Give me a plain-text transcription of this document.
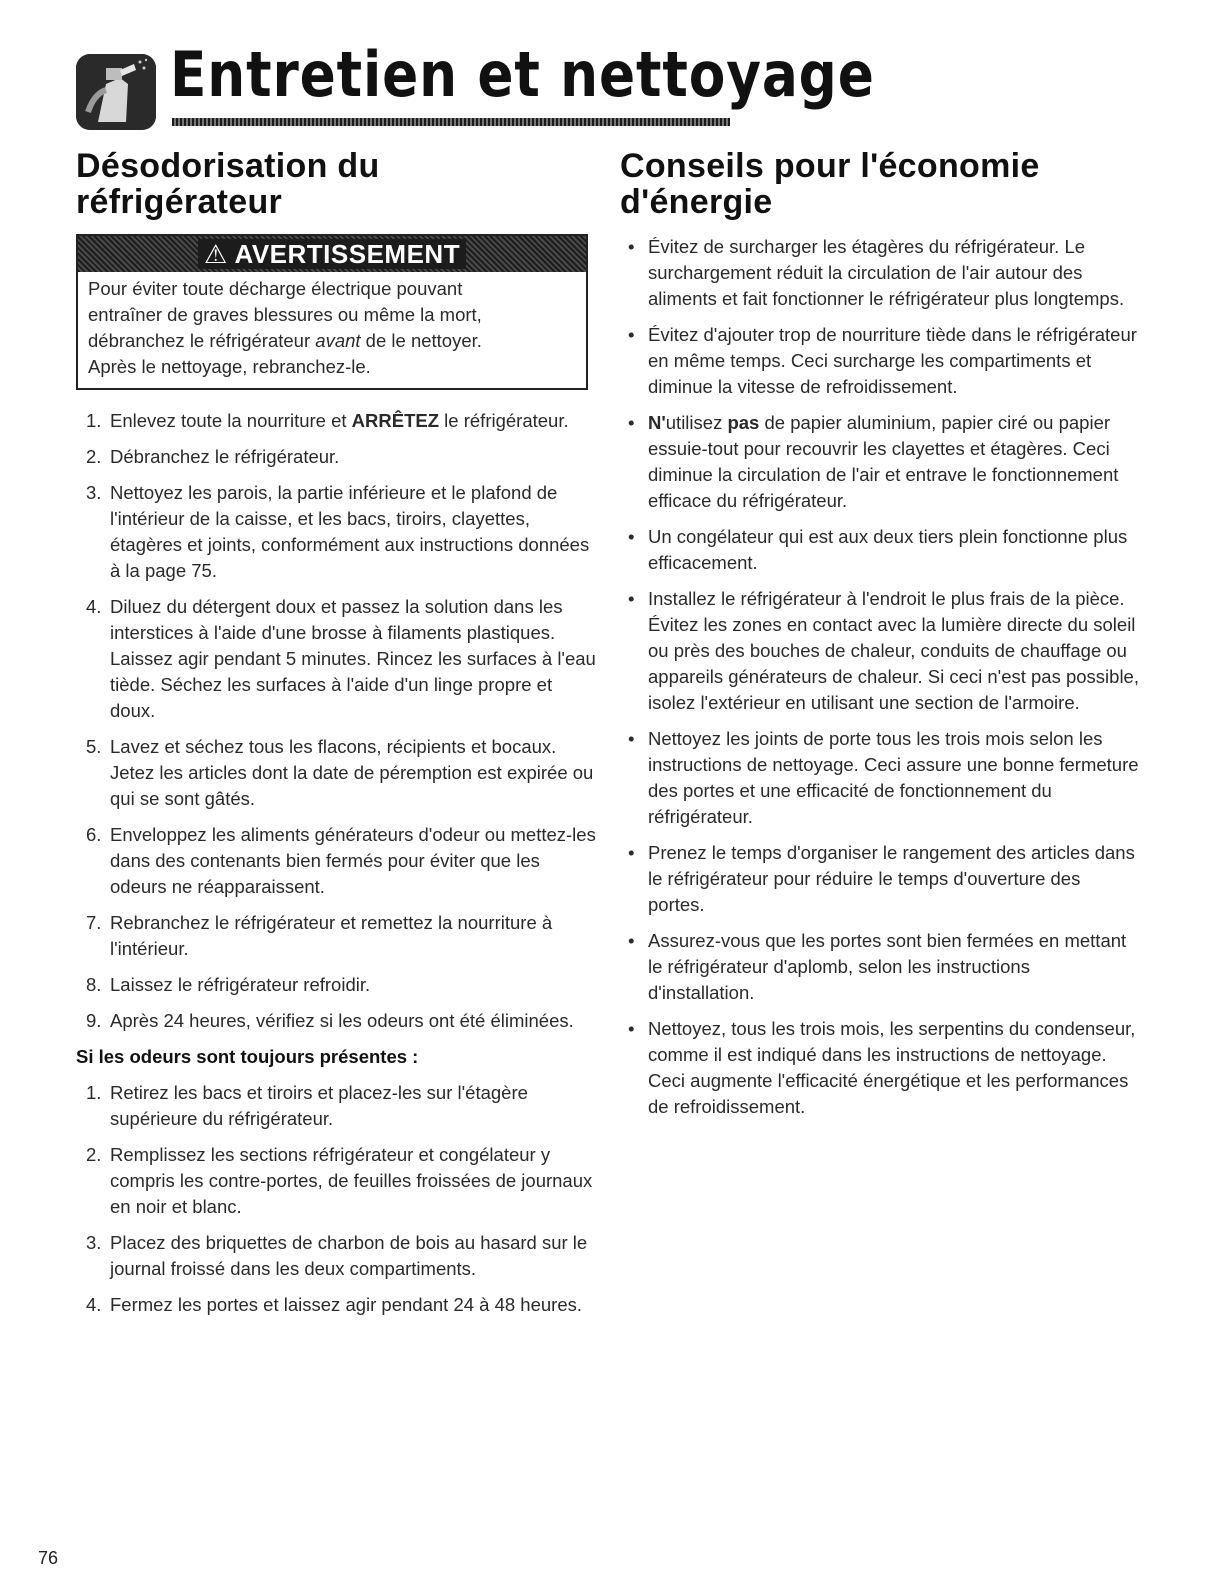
Entretien et nettoyage
Désodorisation du
réfrigérateur
⚠ AVERTISSEMENT
Pour éviter toute décharge électrique pouvant
entraîner de graves blessures ou même la mort,
débranchez le réfrigérateur avant de le nettoyer.
Après le nettoyage, rebranchez-le.
1. Enlevez toute la nourriture et ARRÊTEZ le réfrigérateur.
2. Débranchez le réfrigérateur.
3. Nettoyez les parois, la partie inférieure et le plafond de l'intérieur de la caisse, et les bacs, tiroirs, clayettes, étagères et joints, conformément aux instructions données à la page 75.
4. Diluez du détergent doux et passez la solution dans les interstices à l'aide d'une brosse à filaments plastiques. Laissez agir pendant 5 minutes. Rincez les surfaces à l'eau tiède. Séchez les surfaces à l'aide d'un linge propre et doux.
5. Lavez et séchez tous les flacons, récipients et bocaux. Jetez les articles dont la date de péremption est expirée ou qui se sont gâtés.
6. Enveloppez les aliments générateurs d'odeur ou mettez-les dans des contenants bien fermés pour éviter que les odeurs ne réapparaissent.
7. Rebranchez le réfrigérateur et remettez la nourriture à l'intérieur.
8. Laissez le réfrigérateur refroidir.
9. Après 24 heures, vérifiez si les odeurs ont été éliminées.
Si les odeurs sont toujours présentes :
1. Retirez les bacs et tiroirs et placez-les sur l'étagère supérieure du réfrigérateur.
2. Remplissez les sections réfrigérateur et congélateur y compris les contre-portes, de feuilles froissées de journaux en noir et blanc.
3. Placez des briquettes de charbon de bois au hasard sur le journal froissé dans les deux compartiments.
4. Fermez les portes et laissez agir pendant 24 à 48 heures.
Conseils pour l'économie
d'énergie
• Évitez de surcharger les étagères du réfrigérateur. Le surchargement réduit la circulation de l'air autour des aliments et fait fonctionner le réfrigérateur plus longtemps.
• Évitez d'ajouter trop de nourriture tiède dans le réfrigérateur en même temps. Ceci surcharge les compartiments et diminue la vitesse de refroidissement.
• N'utilisez pas de papier aluminium, papier ciré ou papier essuie-tout pour recouvrir les clayettes et étagères. Ceci diminue la circulation de l'air et entrave le fonctionnement efficace du réfrigérateur.
• Un congélateur qui est aux deux tiers plein fonctionne plus efficacement.
• Installez le réfrigérateur à l'endroit le plus frais de la pièce. Évitez les zones en contact avec la lumière directe du soleil ou près des bouches de chaleur, conduits de chauffage ou appareils générateurs de chaleur. Si ceci n'est pas possible, isolez l'extérieur en utilisant une section de l'armoire.
• Nettoyez les joints de porte tous les trois mois selon les instructions de nettoyage. Ceci assure une bonne fermeture des portes et une efficacité de fonctionnement du réfrigérateur.
• Prenez le temps d'organiser le rangement des articles dans le réfrigérateur pour réduire le temps d'ouverture des portes.
• Assurez-vous que les portes sont bien fermées en mettant le réfrigérateur d'aplomb, selon les instructions d'installation.
• Nettoyez, tous les trois mois, les serpentins du condenseur, comme il est indiqué dans les instructions de nettoyage. Ceci augmente l'efficacité énergétique et les performances de refroidissement.
76
